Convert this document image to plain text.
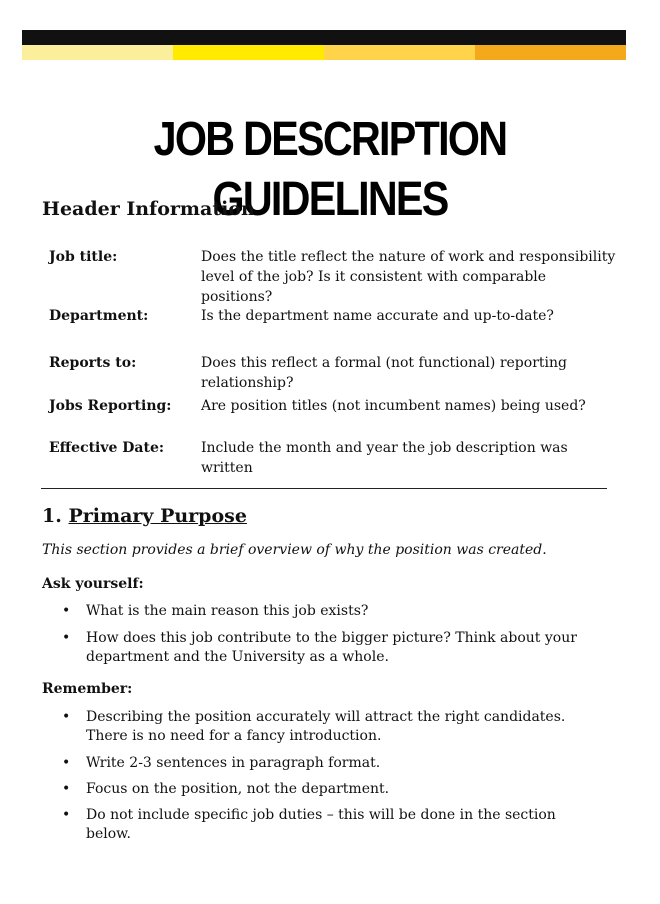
JOB DESCRIPTION GUIDELINES
Header Information
Job title:	Does the title reflect the nature of work and responsibility level of the job? Is it consistent with comparable positions?
Department:	Is the department name accurate and up-to-date?
Reports to:	Does this reflect a formal (not functional) reporting relationship?
Jobs Reporting: Are position titles (not incumbent names) being used?
Effective Date:	Include the month and year the job description was written
1. Primary Purpose
This section provides a brief overview of why the position was created.
Ask yourself:
• What is the main reason this job exists?
• How does this job contribute to the bigger picture? Think about your department and the University as a whole.
Remember:
• Describing the position accurately will attract the right candidates. There is no need for a fancy introduction.
• Write 2-3 sentences in paragraph format.
• Focus on the position, not the department.
• Do not include specific job duties – this will be done in the section below.
